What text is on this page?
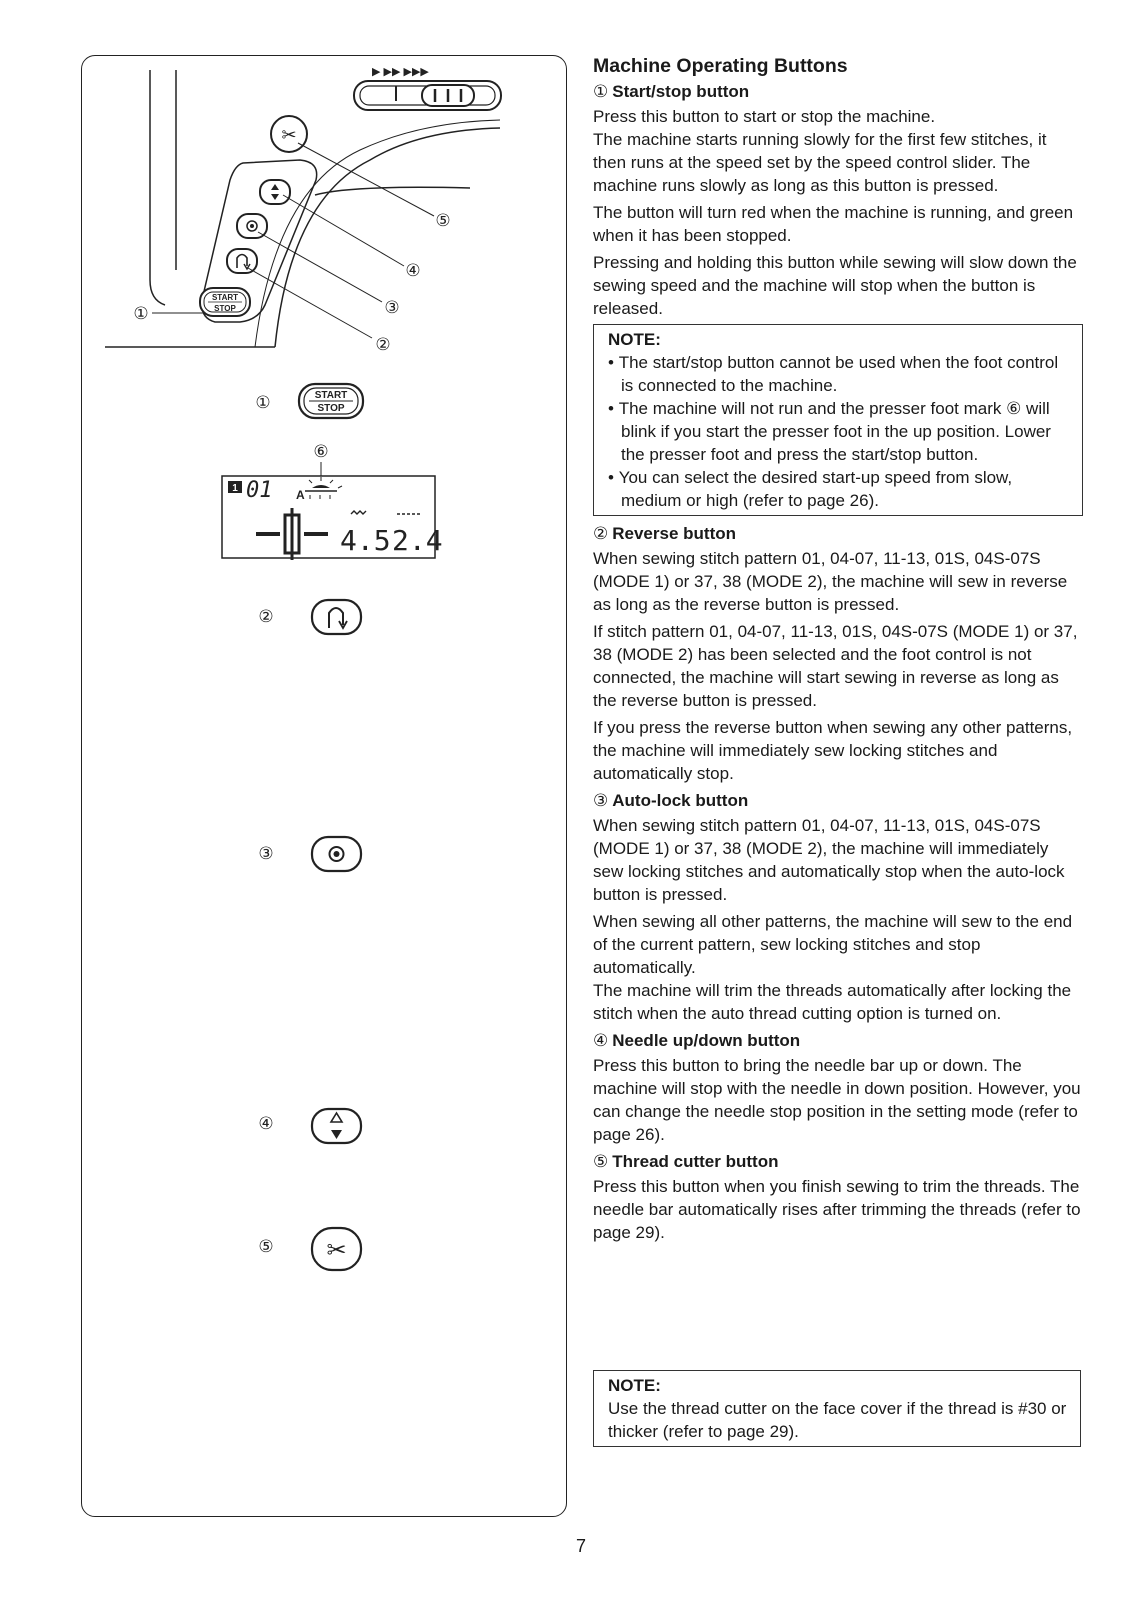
▶ ▶▶ ▶▶▶
✂
START
STOP
⑤
④
③
②
①
①	START
STOP
⑥
1 01 A
4.5 2.4
②
③
④
⑤ ✂
Machine Operating Buttons
① Start/stop button

Press this button to start or stop the machine.

The machine starts running slowly for the first few stitches, it then runs at the speed set by the speed control slider. The machine runs slowly as long as this button is pressed.

The button will turn red when the machine is running, and green when it has been stopped.

Pressing and holding this button while sewing will slow down the sewing speed and the machine will stop when the button is released.

NOTE:
• The start/stop button cannot be used when the foot control is connected to the machine.
• The machine will not run and the presser foot mark ⑥ will blink if you start the presser foot in the up position. Lower the presser foot and press the start/stop button.
• You can select the desired start-up speed from slow, medium or high (refer to page 26).
② Reverse button

When sewing stitch pattern 01, 04-07, 11-13, 01S, 04S-07S (MODE 1) or 37, 38 (MODE 2), the machine will sew in reverse as long as the reverse button is pressed.

If stitch pattern 01, 04-07, 11-13, 01S, 04S-07S (MODE 1) or 37, 38 (MODE 2) has been selected and the foot control is not connected, the machine will start sewing in reverse as long as the reverse button is pressed.

If you press the reverse button when sewing any other patterns, the machine will immediately sew locking stitches and automatically stop.

③ Auto-lock button

When sewing stitch pattern 01, 04-07, 11-13, 01S, 04S-07S (MODE 1) or 37, 38 (MODE 2), the machine will immediately sew locking stitches and automatically stop when the auto-lock button is pressed.

When sewing all other patterns, the machine will sew to the end of the current pattern, sew locking stitches and stop automatically.

The machine will trim the threads automatically after locking the stitch when the auto thread cutting option is turned on.

④ Needle up/down button

Press this button to bring the needle bar up or down. The machine will stop with the needle in down position. However, you can change the needle stop position in the setting mode (refer to page 26).

⑤ Thread cutter button

Press this button when you finish sewing to trim the threads. The needle bar automatically rises after trimming the threads (refer to page 29).

NOTE:
Use the thread cutter on the face cover if the thread is #30 or thicker (refer to page 29).
7
